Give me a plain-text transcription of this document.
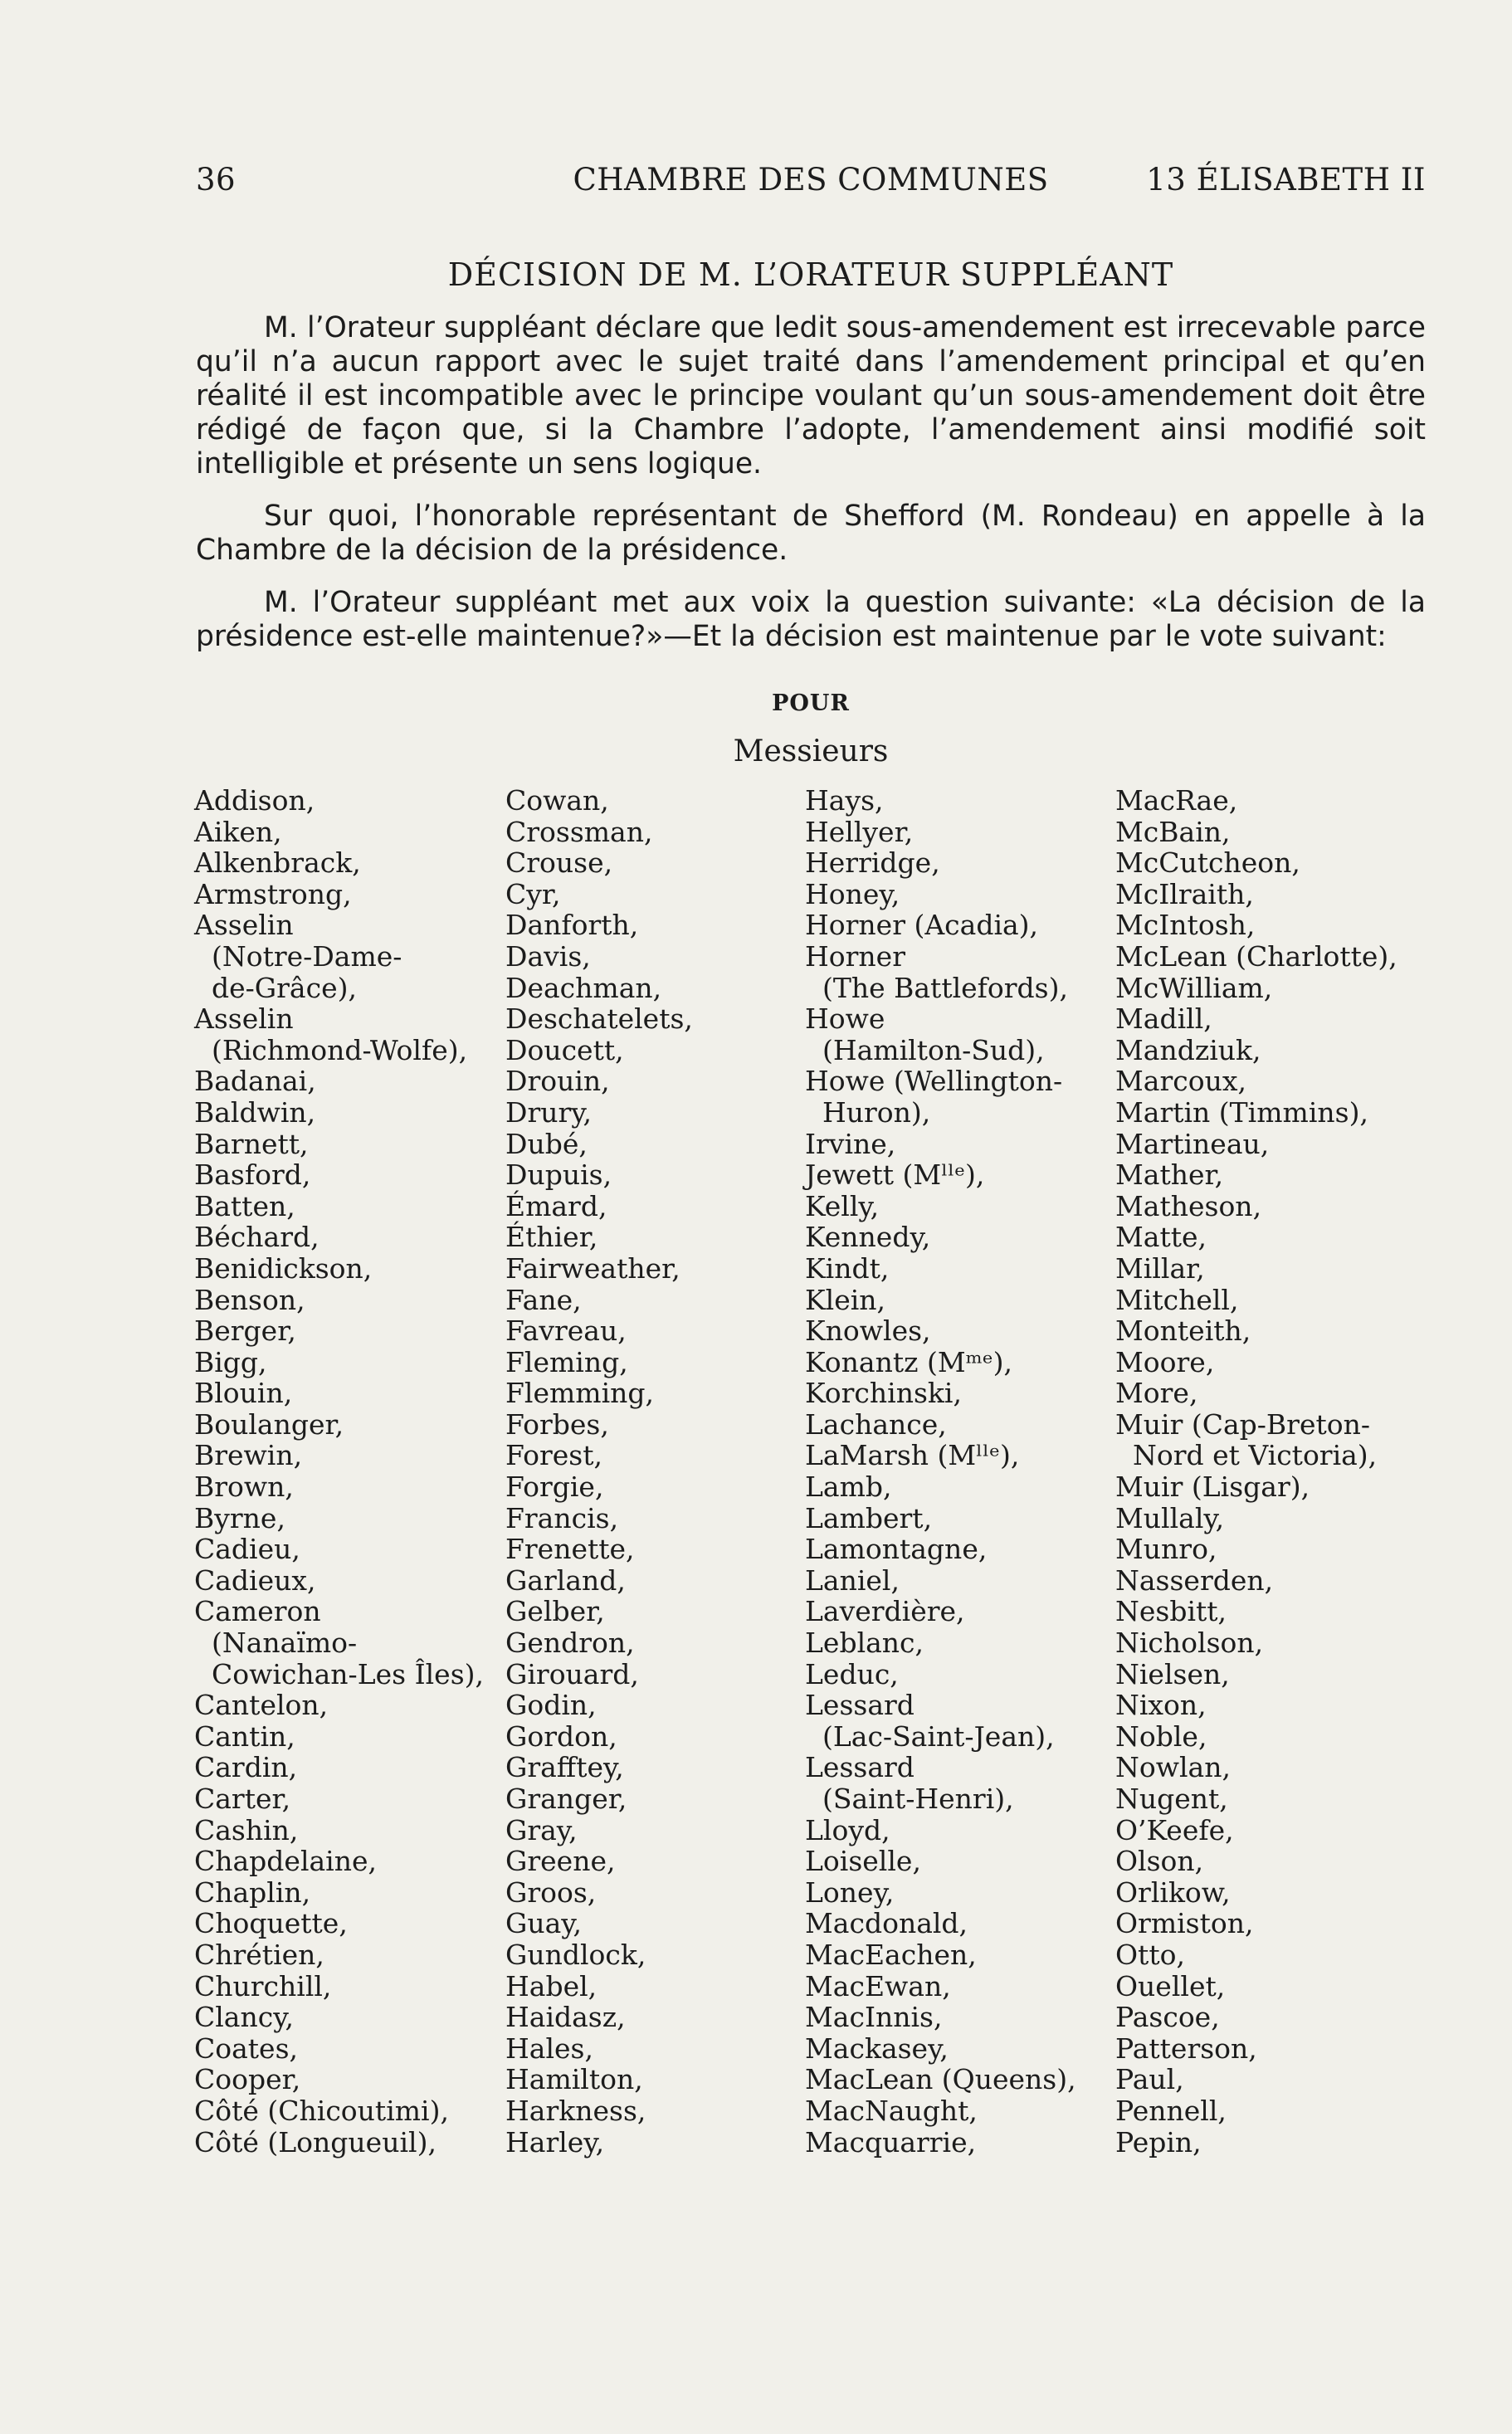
36	CHAMBRE DES COMMUNES	13 ÉLISABETH II
DÉCISION DE M. L’ORATEUR SUPPLÉANT

M. l’Orateur suppléant déclare que ledit sous-amendement est irrecevable parce qu’il n’a aucun rapport avec le sujet traité dans l’amendement principal et qu’en réalité il est incompatible avec le principe voulant qu’un sous-amendement doit être rédigé de façon que, si la Chambre l’adopte, l’amendement ainsi modifié soit intelligible et présente un sens logique.

Sur quoi, l’honorable représentant de Shefford (M. Rondeau) en appelle à la Chambre de la décision de la présidence.

M. l’Orateur suppléant met aux voix la question suivante: «La décision de la présidence est-elle maintenue?»—Et la décision est maintenue par le vote suivant:

POUR
Messieurs
Addison,
Aiken,
Alkenbrack,
Armstrong,
Asselin
(Notre-Dame-
de-Grâce),
Asselin
(Richmond-Wolfe),
Badanai,
Baldwin,
Barnett,
Basford,
Batten,
Béchard,
Benidickson,
Benson,
Berger,
Bigg,
Blouin,
Boulanger,
Brewin,
Brown,
Byrne,
Cadieu,
Cadieux,
Cameron
(Nanaïmo-
Cowichan-Les Îles),
Cantelon,
Cantin,
Cardin,
Carter,
Cashin,
Chapdelaine,
Chaplin,
Choquette,
Chrétien,
Churchill,
Clancy,
Coates,
Cooper,
Côté (Chicoutimi),
Côté (Longueuil),
Cowan,
Crossman,
Crouse,
Cyr,
Danforth,
Davis,
Deachman,
Deschatelets,
Doucett,
Drouin,
Drury,
Dubé,
Dupuis,
Émard,
Éthier,
Fairweather,
Fane,
Favreau,
Fleming,
Flemming,
Forbes,
Forest,
Forgie,
Francis,
Frenette,
Garland,
Gelber,
Gendron,
Girouard,
Godin,
Gordon,
Grafftey,
Granger,
Gray,
Greene,
Groos,
Guay,
Gundlock,
Habel,
Haidasz,
Hales,
Hamilton,
Harkness,
Harley,
Hays,
Hellyer,
Herridge,
Honey,
Horner (Acadia),
Horner
(The Battlefords),
Howe
(Hamilton-Sud),
Howe (Wellington-
Huron),
Irvine,
Jewett (Mˡˡᵉ),
Kelly,
Kennedy,
Kindt,
Klein,
Knowles,
Konantz (Mᵐᵉ),
Korchinski,
Lachance,
LaMarsh (Mˡˡᵉ),
Lamb,
Lambert,
Lamontagne,
Laniel,
Laverdière,
Leblanc,
Leduc,
Lessard
(Lac-Saint-Jean),
Lessard
(Saint-Henri),
Lloyd,
Loiselle,
Loney,
Macdonald,
MacEachen,
MacEwan,
MacInnis,
Mackasey,
MacLean (Queens),
MacNaught,
Macquarrie,
MacRae,
McBain,
McCutcheon,
McIlraith,
McIntosh,
McLean (Charlotte),
McWilliam,
Madill,
Mandziuk,
Marcoux,
Martin (Timmins),
Martineau,
Mather,
Matheson,
Matte,
Millar,
Mitchell,
Monteith,
Moore,
More,
Muir (Cap-Breton-
Nord et Victoria),
Muir (Lisgar),
Mullaly,
Munro,
Nasserden,
Nesbitt,
Nicholson,
Nielsen,
Nixon,
Noble,
Nowlan,
Nugent,
O’Keefe,
Olson,
Orlikow,
Ormiston,
Otto,
Ouellet,
Pascoe,
Patterson,
Paul,
Pennell,
Pepin,
